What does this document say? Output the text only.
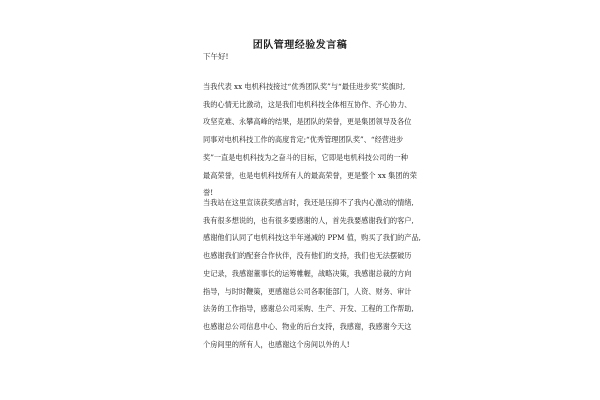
团队管理经验发言稿
下午好!
当我代表 xx 电机科技接过“优秀团队奖”与“最佳进步奖”奖旗时,
我的心情无比激动，这是我们电机科技全体相互协作、齐心协力、
攻坚克难、永攀高峰的结果，是团队的荣誉，更是集团领导及各位
同事对电机科技工作的高度肯定;“优秀管理团队奖”、“经营进步
奖”一直是电机科技为之奋斗的目标，它即是电机科技公司的一种
最高荣誉，也是电机科技所有人的最高荣誉，更是整个 xx 集团的荣
誉!
当我站在这里宣读获奖感言时，我还是压抑不了我内心激动的情绪,
我有很多想说的，也有很多要感谢的人，首先我要感谢我们的客户,
感谢他们认同了电机科技这半年递减的 PPM 值，购买了我们的产品,
也感谢我们的配套合作伙伴，没有他们的支持，我们也无法摆破历
史记录，我感谢董事长的运筹帷幄，战略决策，我感谢总裁的方向
指导，与时时鞭策，更感谢总公司各职能部门，人资、财务、审计
法务的工作指导，感谢总公司采购、生产、开发、工程的工作帮助,
也感谢总公司信息中心、物业的后台支持，我感谢，我感谢今天这
个房间里的所有人，也感谢这个房间以外的人!
